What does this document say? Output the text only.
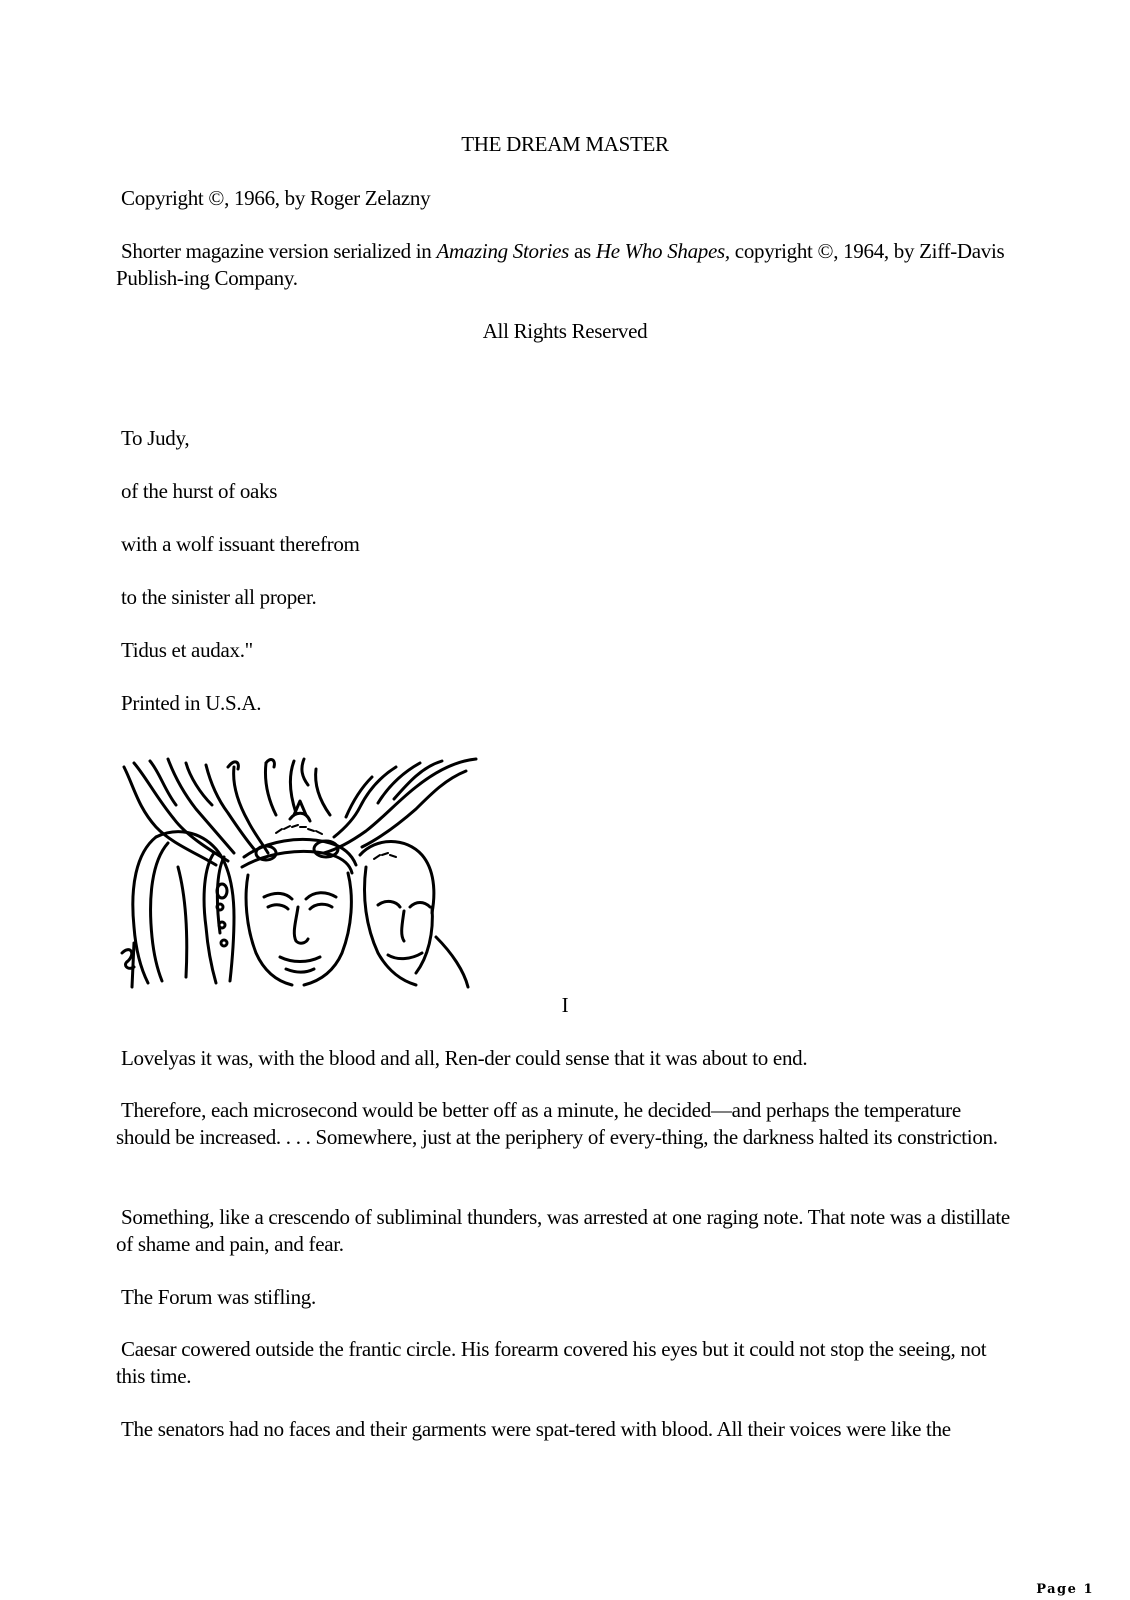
THE DREAM MASTER

Copyright ©, 1966, by Roger Zelazny

Shorter magazine version serialized in Amazing Stories as He Who Shapes, copyright ©, 1964, by Ziff-Davis Publish-ing Company.

All Rights Reserved

To Judy,

of the hurst of oaks

with a wolf issuant therefrom

to the sinister all proper.

Tidus et audax."

Printed in U.S.A.

I

Lovelyas it was, with the blood and all, Ren-der could sense that it was about to end.

Therefore, each microsecond would be better off as a minute, he decided—and perhaps the temperature should be increased. . . . Somewhere, just at the periphery of every-thing, the darkness halted its constriction.

Something, like a crescendo of subliminal thunders, was arrested at one raging note. That note was a distillate of shame and pain, and fear.

The Forum was stifling.

Caesar cowered outside the frantic circle. His forearm covered his eyes but it could not stop the seeing, not this time.

The senators had no faces and their garments were spat-tered with blood. All their voices were like the

Page 1
